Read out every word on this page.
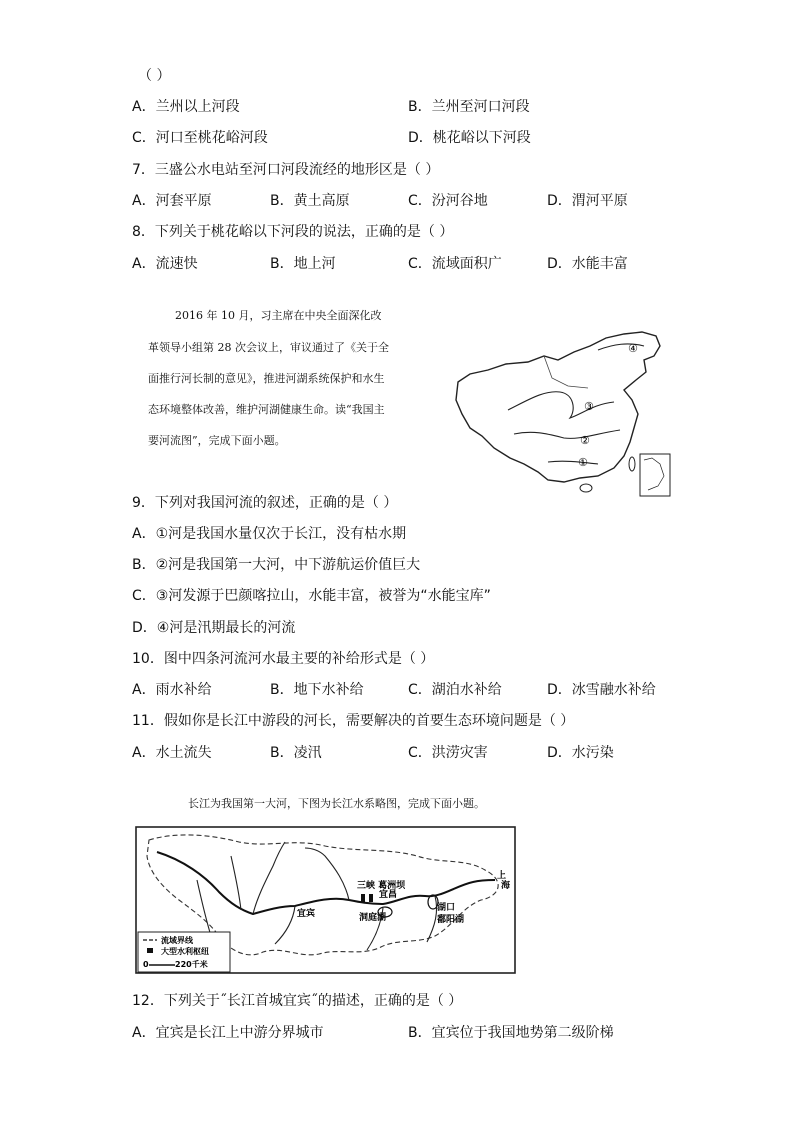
（ ）
A．兰州以上河段	B．兰州至河口河段
C．河口至桃花峪河段	D．桃花峪以下河段
7．三盛公水电站至河口河段流经的地形区是（ ）
A．河套平原	B．黄土高原	C．汾河谷地	D．渭河平原
8．下列关于桃花峪以下河段的说法，正确的是（ ）
A．流速快	B．地上河	C．流域面积广	D．水能丰富
2016 年 10 月，习主席在中央全面深化改
革领导小组第 28 次会议上，审议通过了《关于全
面推行河长制的意见》，推进河湖系统保护和水生
态环境整体改善，维护河湖健康生命。读“我国主
要河流图”，完成下面小题。
④
③
②
①
9．下列对我国河流的叙述，正确的是（ ）
A．①河是我国水量仅次于长江，没有枯水期
B．②河是我国第一大河，中下游航运价值巨大
C．③河发源于巴颜喀拉山，水能丰富，被誉为“水能宝库”
D．④河是汛期最长的河流
10．图中四条河流河水最主要的补给形式是（ ）
A．雨水补给	B．地下水补给	C．湖泊水补给	D．冰雪融水补给
11．假如你是长江中游段的河长，需要解决的首要生态环境问题是（ ）
A．水土流失	B．凌汛	C．洪涝灾害	D．水污染
长江为我国第一大河，下图为长江水系略图，完成下面小题。
三峡 葛洲坝
宜昌
宜宾	洞庭湖
湖口
鄱阳湖
上
海
流域界线
大型水利枢纽
0	220千米
12．下列关于˝长江首城宜宾˝的描述，正确的是（ ）
A．宜宾是长江上中游分界城市	B．宜宾位于我国地势第二级阶梯
